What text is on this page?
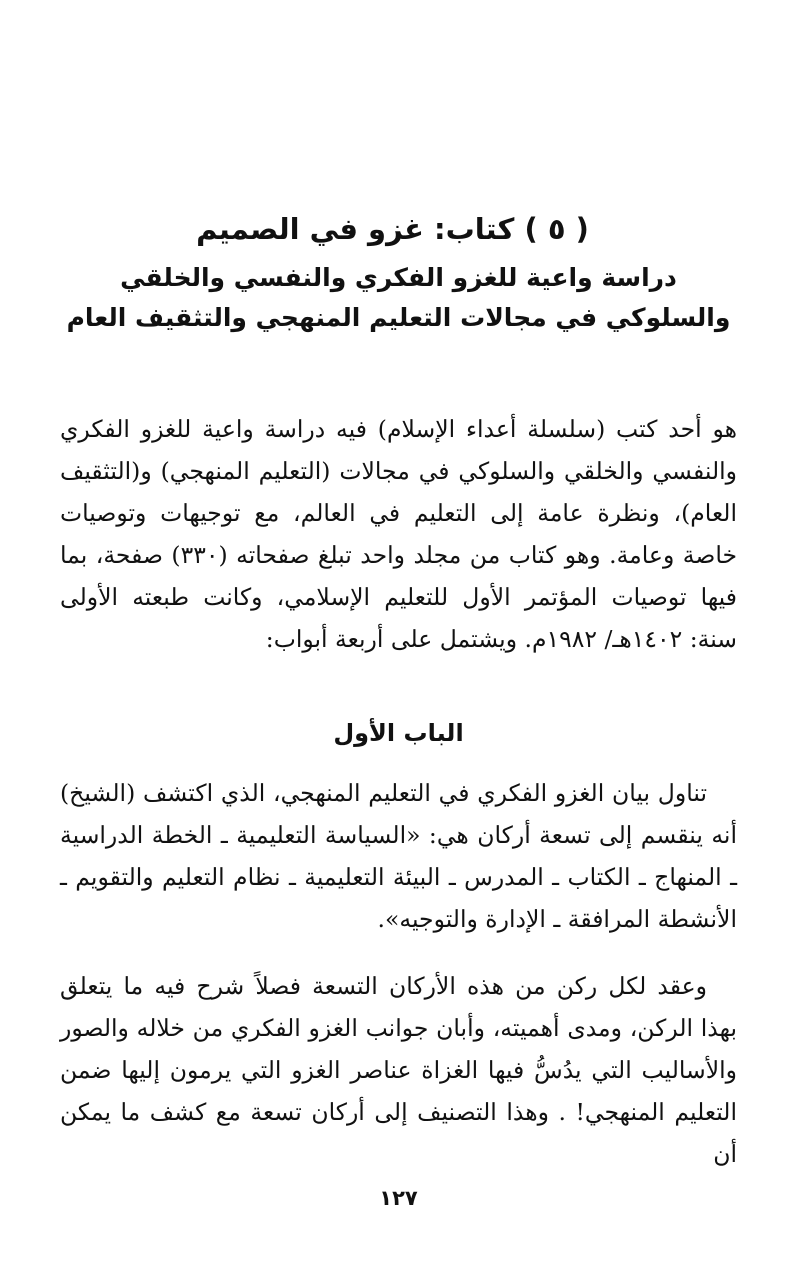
( ٥ ) كتاب: غزو في الصميم

دراسة واعية للغزو الفكري والنفسي والخلقي

والسلوكي في مجالات التعليم المنهجي والتثقيف العام

هو أحد كتب (سلسلة أعداء الإسلام) فيه دراسة واعية للغزو الفكري والنفسي والخلقي والسلوكي في مجالات (التعليم المنهجي) و(التثقيف العام)، ونظرة عامة إلى التعليم في العالم، مع توجيهات وتوصيات خاصة وعامة. وهو كتاب من مجلد واحد تبلغ صفحاته (٣٣٠) صفحة، بما فيها توصيات المؤتمر الأول للتعليم الإسلامي، وكانت طبعته الأولى سنة: ١٤٠٢هـ/ ١٩٨٢م. ويشتمل على أربعة أبواب:

الباب الأول

تناول بيان الغزو الفكري في التعليم المنهجي، الذي اكتشف (الشيخ) أنه ينقسم إلى تسعة أركان هي: «السياسة التعليمية ـ الخطة الدراسية ـ المنهاج ـ الكتاب ـ المدرس ـ البيئة التعليمية ـ نظام التعليم والتقويم ـ الأنشطة المرافقة ـ الإدارة والتوجيه».

وعقد لكل ركن من هذه الأركان التسعة فصلاً شرح فيه ما يتعلق بهذا الركن، ومدى أهميته، وأبان جوانب الغزو الفكري من خلاله والصور والأساليب التي يدُسُّ فيها الغزاة عناصر الغزو التي يرمون إليها ضمن التعليم المنهجي! . وهذا التصنيف إلى أركان تسعة مع كشف ما يمكن أن

١٢٧
